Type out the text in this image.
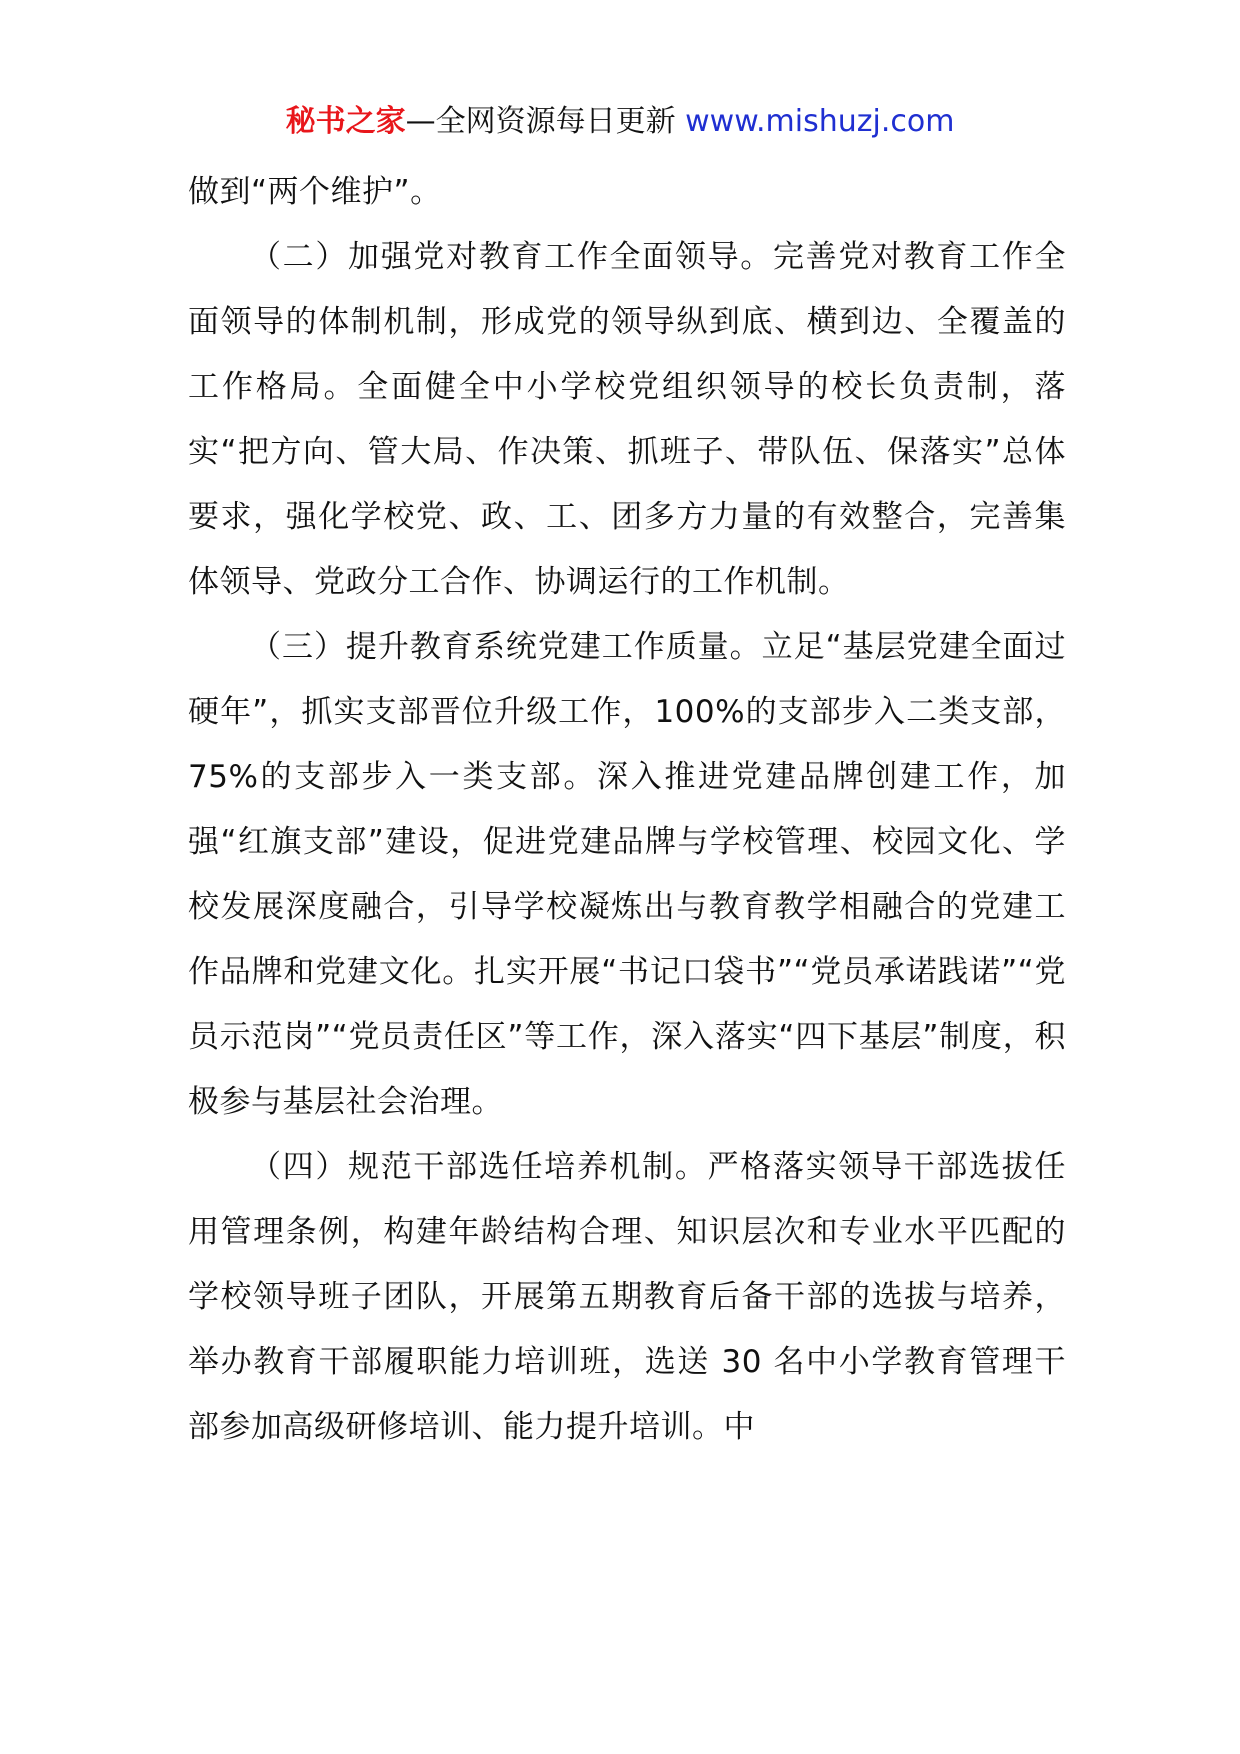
秘书之家—全网资源每日更新 www.mishuzj.com

做到“两个维护”。

（二）加强党对教育工作全面领导。完善党对教育工作全面领导的体制机制，形成党的领导纵到底、横到边、全覆盖的工作格局。全面健全中小学校党组织领导的校长负责制，落实“把方向、管大局、作决策、抓班子、带队伍、保落实”总体要求，强化学校党、政、工、团多方力量的有效整合，完善集体领导、党政分工合作、协调运行的工作机制。

（三）提升教育系统党建工作质量。立足“基层党建全面过硬年”，抓实支部晋位升级工作，100%的支部步入二类支部，75%的支部步入一类支部。深入推进党建品牌创建工作，加强“红旗支部”建设，促进党建品牌与学校管理、校园文化、学校发展深度融合，引导学校凝炼出与教育教学相融合的党建工作品牌和党建文化。扎实开展“书记口袋书”“党员承诺践诺”“党员示范岗”“党员责任区”等工作，深入落实“四下基层”制度，积极参与基层社会治理。

（四）规范干部选任培养机制。严格落实领导干部选拔任用管理条例，构建年龄结构合理、知识层次和专业水平匹配的学校领导班子团队，开展第五期教育后备干部的选拔与培养，举办教育干部履职能力培训班，选送 30 名中小学教育管理干部参加高级研修培训、能力提升培训。中
